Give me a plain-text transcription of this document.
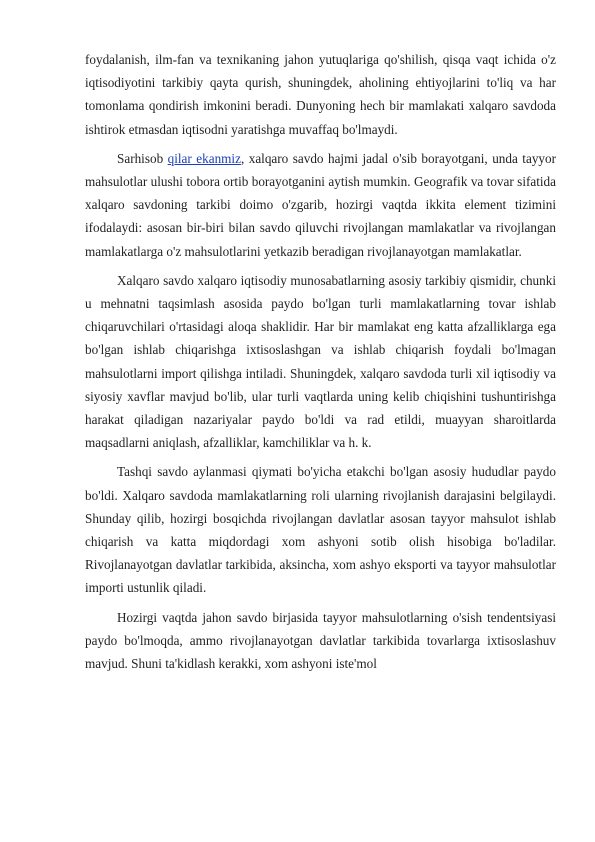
foydalanish, ilm-fan va texnikaning jahon yutuqlariga qo'shilish, qisqa vaqt ichida o'z iqtisodiyotini tarkibiy qayta qurish, shuningdek, aholining ehtiyojlarini to'liq va har tomonlama qondirish imkonini beradi. Dunyoning hech bir mamlakati xalqaro savdoda ishtirok etmasdan iqtisodni yaratishga muvaffaq bo'lmaydi.

Sarhisob qilar ekanmiz, xalqaro savdo hajmi jadal o'sib borayotgani, unda tayyor mahsulotlar ulushi tobora ortib borayotganini aytish mumkin. Geografik va tovar sifatida xalqaro savdoning tarkibi doimo o'zgarib, hozirgi vaqtda ikkita element tizimini ifodalaydi: asosan bir-biri bilan savdo qiluvchi rivojlangan mamlakatlar va rivojlangan mamlakatlarga o'z mahsulotlarini yetkazib beradigan rivojlanayotgan mamlakatlar.

Xalqaro savdo xalqaro iqtisodiy munosabatlarning asosiy tarkibiy qismidir, chunki u mehnatni taqsimlash asosida paydo bo'lgan turli mamlakatlarning tovar ishlab chiqaruvchilari o'rtasidagi aloqa shaklidir. Har bir mamlakat eng katta afzalliklarga ega bo'lgan ishlab chiqarishga ixtisoslashgan va ishlab chiqarish foydali bo'lmagan mahsulotlarni import qilishga intiladi. Shuningdek, xalqaro savdoda turli xil iqtisodiy va siyosiy xavflar mavjud bo'lib, ular turli vaqtlarda uning kelib chiqishini tushuntirishga harakat qiladigan nazariyalar paydo bo'ldi va rad etildi, muayyan sharoitlarda maqsadlarni aniqlash, afzalliklar, kamchiliklar va h. k.

Tashqi savdo aylanmasi qiymati bo'yicha etakchi bo'lgan asosiy hududlar paydo bo'ldi. Xalqaro savdoda mamlakatlarning roli ularning rivojlanish darajasini belgilaydi. Shunday qilib, hozirgi bosqichda rivojlangan davlatlar asosan tayyor mahsulot ishlab chiqarish va katta miqdordagi xom ashyoni sotib olish hisobiga bo'ladilar. Rivojlanayotgan davlatlar tarkibida, aksincha, xom ashyo eksporti va tayyor mahsulotlar importi ustunlik qiladi.

Hozirgi vaqtda jahon savdo birjasida tayyor mahsulotlarning o'sish tendentsiyasi paydo bo'lmoqda, ammo rivojlanayotgan davlatlar tarkibida tovarlarga ixtisoslashuv mavjud. Shuni ta'kidlash kerakki, xom ashyoni iste'mol
